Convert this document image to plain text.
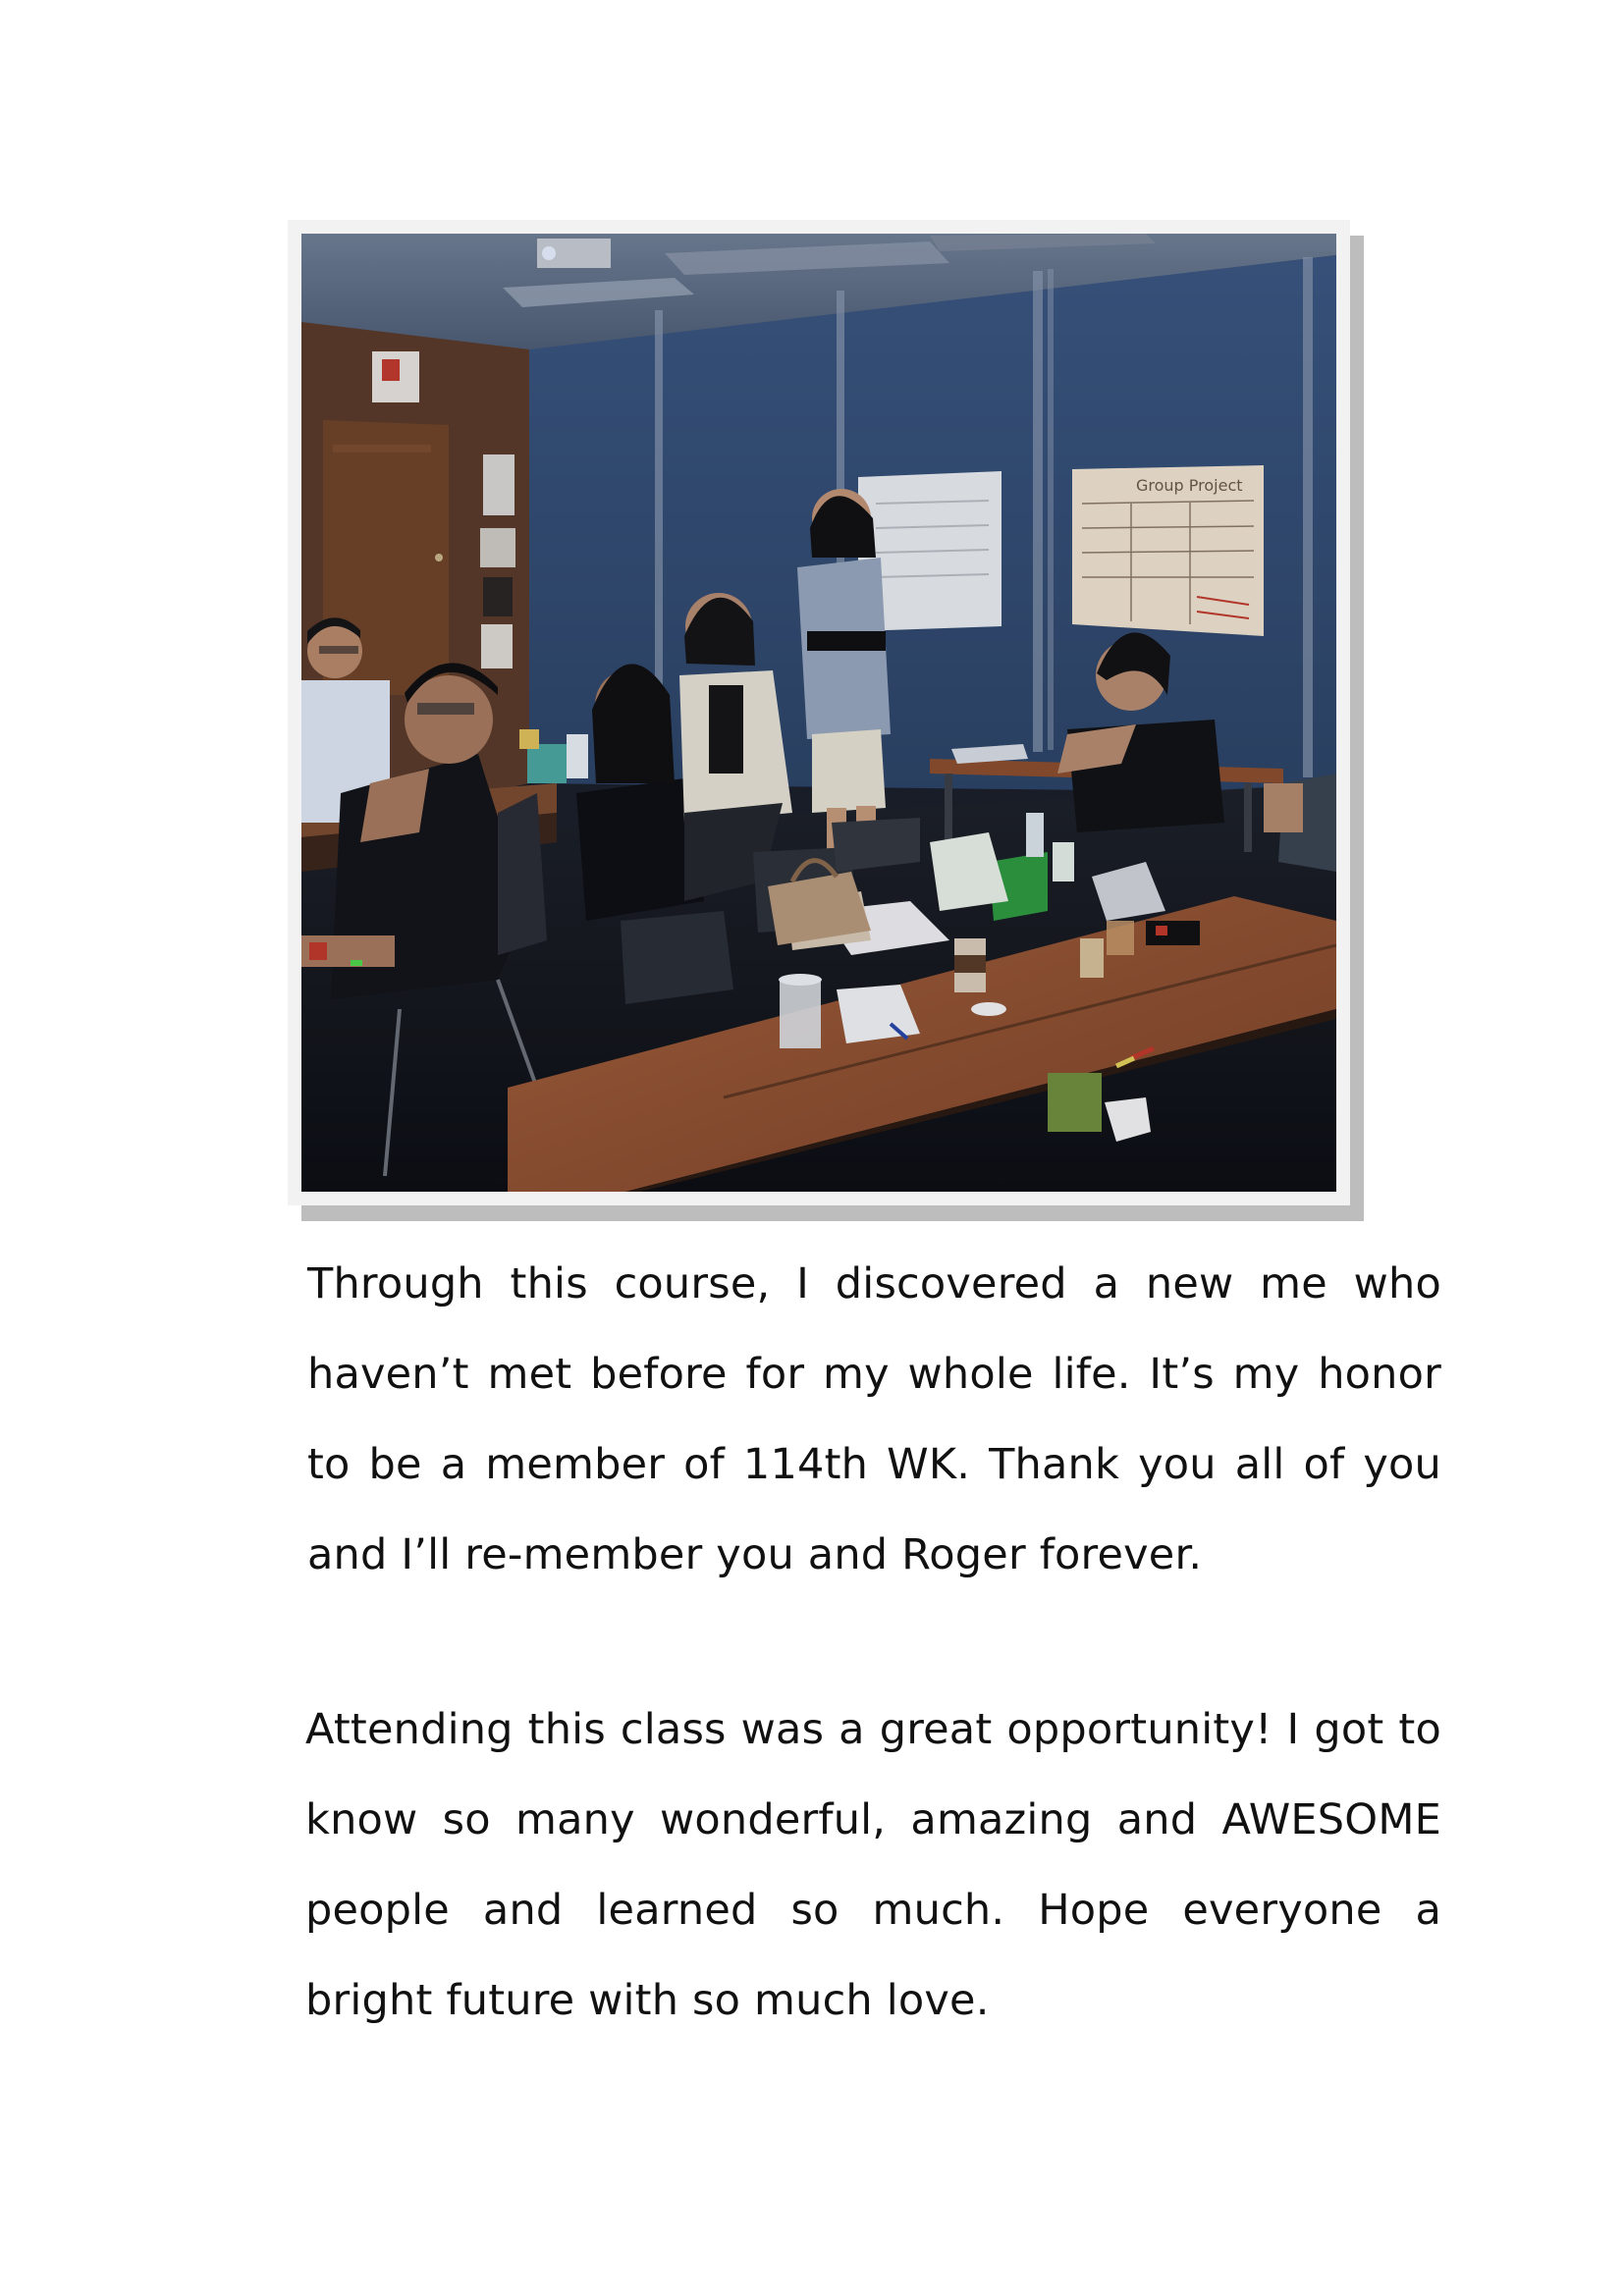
Group Project

Through this course, I discovered a new me who haven’t met before for my whole life. It’s my honor to be a member of 114th WK. Thank you all of you and I’ll re-member you and Roger forever.

Attending this class was a great opportunity! I got to know so many wonderful, amazing and AWESOME people and learned so much. Hope everyone a bright future with so much love.
